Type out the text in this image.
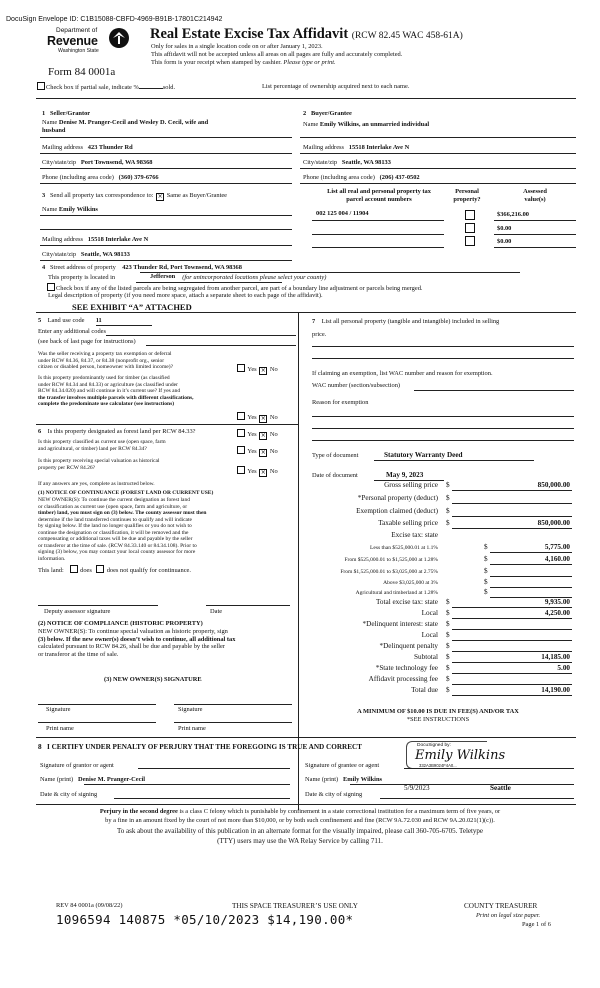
DocuSign Envelope ID: C1B15088-CBFD-4969-B91B-17801C214942
Department of
Revenue
Washington State
Real Estate Excise Tax Affidavit (RCW 82.45 WAC 458-61A)
Only for sales in a single location code on or after January 1, 2023.
This affidavit will not be accepted unless all areas on all pages are fully and accurately completed.
This form is your receipt when stamped by cashier. Please type or print.
Form 84 0001a
Check box if partial sale, indicate %	sold.	List percentage of ownership acquired next to each name.
1 Seller/Grantor
Name Denise M. Pranger-Cecil and Wesley D. Cecil, wife and
husband
Mailing address 423 Thunder Rd
City/state/zip Port Townsend, WA 98368
Phone (including area code) (360) 379-6766
2 Buyer/Grantee
Name Emily Wilkins, an unmarried individual
Mailing address 15518 Interlake Ave N
City/state/zip Seattle, WA 98133
Phone (including area code) (206) 437-0502
3 Send all property tax correspondence to: × Same as Buyer/Grantee
Name Emily Wilkins
Mailing address 15518 Interlake Ave N
City/state/zip Seattle, WA 98133
List all real and personal property tax
parcel account numbers
Personal
property?
Assessed
value(s)
002 125 004 / 11904	$366,216.00
$0.00
$0.00
4 Street address of property 423 Thunder Rd, Port Townsend, WA 98368
This property is located in	(for unincorporated locations please select your county)
Jefferson
Check box if any of the listed parcels are being segregated from another parcel, are part of a boundary line adjustment or parcels being merged.
Legal description of property (if you need more space, attach a separate sheet to each page of the affidavit).
SEE EXHIBIT “A” ATTACHED
5 Land use code 11
Enter any additional codes
(see back of last page for instructions)
Was the seller receiving a property tax exemption or deferral
under RCW 84.36, 84.37, or 84.38 (nonprofit org., senior
citizen or disabled person, homeowner with limited income)?	Yes × No
Is this property predominantly used for timber (as classified
under RCW 84.34 and 84.33) or agriculture (as classified under
RCW 84.34.020) and will continue in it’s current use? If yes and
the transfer involves multiple parcels with different classifications,
complete the predominate use calculator (see instructions)
Yes × No
6 Is this property designated as forest land per RCW 84.33?	Yes × No
Is this property classified as current use (open space, farm
and agricultural, or timber) land per RCW 84.34?	Yes × No
Is this property receiving special valuation as historical
property per RCW 84.26?
Yes × No
If any answers are yes, complete as instructed below.
(1) NOTICE OF CONTINUANCE (FOREST LAND OR CURRENT USE)
NEW OWNER(S): To continue the current designation as forest land
or classification as current use (open space, farm and agriculture, or
timber) land, you must sign on (3) below. The county assessor must then
determine if the land transferred continues to qualify and will indicate
by signing below. If the land no longer qualifies or you do not wish to
continue the designation or classification, it will be removed and the
compensating or additional taxes will be due and payable by the seller
or transferor at the time of sale. (RCW 84.33.140 or 84.34.108). Prior to
signing (3) below, you may contact your local county assessor for more
information.
This land:	does does not qualify for continuance.
Deputy assessor signature	Date
(2) NOTICE OF COMPLIANCE (HISTORIC PROPERTY)
NEW OWNER(S): To continue special valuation as historic property, sign
(3) below. If the new owner(s) doesn’t wish to continue, all additional tax
calculated pursuant to RCW 84.26, shall be due and payable by the seller
or transferor at the time of sale.
(3) NEW OWNER(S) SIGNATURE
Signature	Signature
Print name	Print name
7 List all personal property (tangible and intangible) included in selling
price.
If claiming an exemption, list WAC number and reason for exemption.
WAC number (section/subsection)
Reason for exemption
Type of document	Statutory Warranty Deed
Date of document	May 9, 2023
Gross selling price $	850,000.00
*Personal property (deduct) $
Exemption claimed (deduct) $
Taxable selling price $	850,000.00
Excise tax: state
Less than $525,000.01 at 1.1%	$	5,775.00
From $525,000.01 to $1,525,000 at 1.28%	$	4,160.00
From $1,525,000.01 to $3,025,000 at 2.75%	$
Above $3,025,000 at 3%	$
Agricultural and timberland at 1.28%	$
Total excise tax: state $	9,935.00
Local $	4,250.00
*Delinquent interest: state $
Local $
*Delinquent penalty $
Subtotal $	14,185.00
*State technology fee $	5.00
Affidavit processing fee $
Total due $	14,190.00
A MINIMUM OF $10.00 IS DUE IN FEE(S) AND/OR TAX
*SEE INSTRUCTIONS
8 I CERTIFY UNDER PENALTY OF PERJURY THAT THE FOREGOING IS TRUE AND CORRECT
Signature of grantor or agent
Name (print) Denise M. Pranger-Cecil
Date & city of signing
DocuSigned by:
Emily Wilkins
332A3B9024F4A0...
Signature of grantee or agent
Name (print) Emily Wilkins
5/9/2023	Seattle
Date & city of signing
Perjury in the second degree is a class C felony which is punishable by confinement in a state correctional institution for a maximum term of five years, or
by a fine in an amount fixed by the court of not more than $10,000, or by both such confinement and fine (RCW 9A.72.030 and RCW 9A.20.021(1)(c)).
To ask about the availability of this publication in an alternate format for the visually impaired, please call 360-705-6705. Teletype
(TTY) users may use the WA Relay Service by calling 711.
REV 84 0001a (09/08/22)	THIS SPACE TREASURER’S USE ONLY
1096594 140875 *05/10/2023 $14,190.00*
COUNTY TREASURER
Print on legal size paper.
Page 1 of 6
